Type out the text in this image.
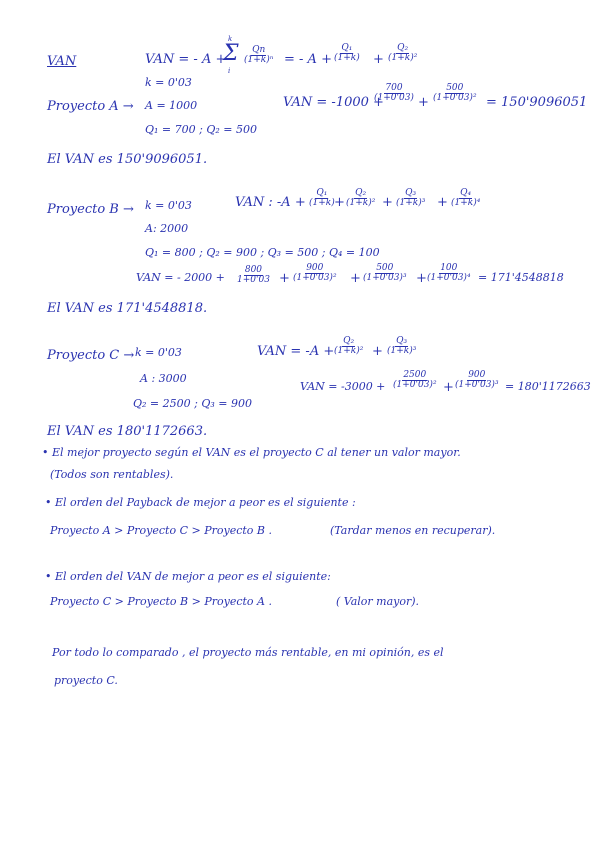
VAN	VAN = - A +
k
Σ
i
$\frac{Qn}{\text{(1+k)ⁿ}}$ = - $A + \frac{\text{Q₁}}{(1+k)} + \frac{\text{Q₂}}{\text{(1+k)²}}$
k = 0'03
Proyecto A → A = 1000
Q₁ = 700 ; Q₂ = 500
VAN = -1000 +
$\frac{700}{(1+0'03)} + \frac{500}{\text{(1+0'03)²}} = 150'9096051$
El VAN es 150'9096051.
Proyecto B → k = 0'03	VAN : $-A + \frac{\text{Q₁}}{(1+k)}$
+ $\frac{\text{Q₂}}{\text{(1+k)²}} + \frac{\text{Q₃}}{\text{(1+k)³}} + \frac{\text{Q₄}}{\text{(1+k)⁴}}$
A: 2000
Q₁ = 800 ; Q₂ = 900 ; Q₃ = 500 ; Q₄ = 100
VAN = - $2000 + \frac{800}{1+0'03} + \frac{900}{\text{(1+0'03)²}} + \frac{500}{\text{(1+0'03)³}} + \frac{100}{\text{(1+0'03)⁴}} = 171'4548818$
El VAN es 171'4548818.
Proyecto C → k = 0'03	VAN = -A +
$\frac{\text{Q₂}}{\text{(1+k)²}} + \frac{\text{Q₃}}{\text{(1+k)³}}$
A : 3000
VAN = $-3000 + \frac{2500}{\text{(1+0'03)²}} + \frac{900}{\text{(1+0'03)³}} = 180'1172663$
Q₂ = 2500 ; Q₃ = 900
El VAN es 180'1172663.
• El mejor proyecto según el VAN es el proyecto C al tener un valor mayor.
(Todos son rentables).
• El orden del Payback de mejor a peor es el siguiente :
Proyecto A > Proyecto C > Proyecto B .	(Tardar menos en recuperar).
• El orden del VAN de mejor a peor es el siguiente:
Proyecto C > Proyecto B > Proyecto A .	( Valor mayor).
Por todo lo comparado , el proyecto más rentable, en mi opinión, es el
proyecto C.
